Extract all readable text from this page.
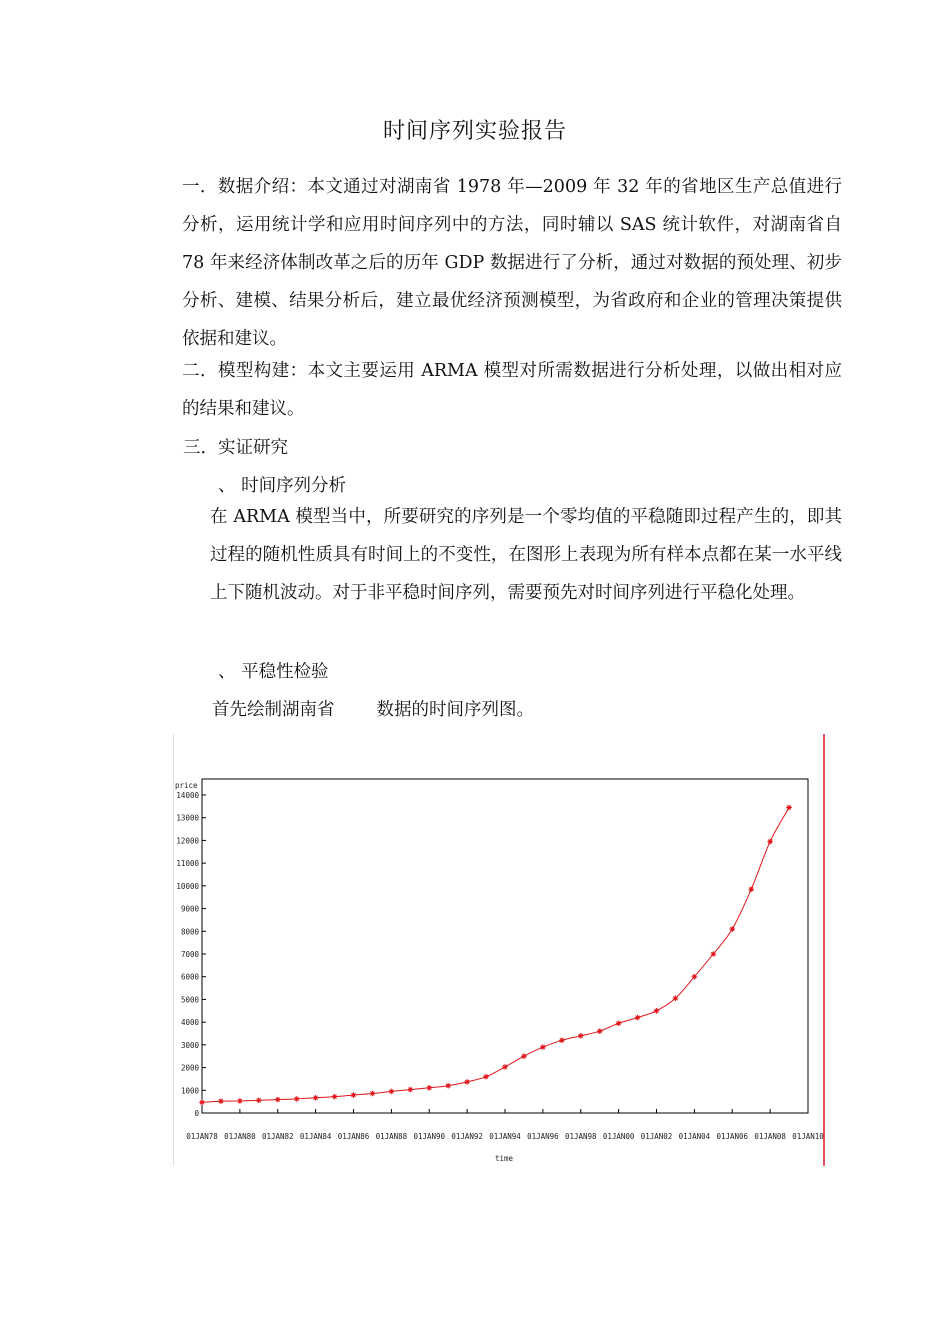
时间序列实验报告
一．数据介绍：本文通过对湖南省 1978 年—2009 年 32 年的省地区生产总值进行分析，运用统计学和应用时间序列中的方法，同时辅以 SAS 统计软件，对湖南省自 78 年来经济体制改革之后的历年 GDP 数据进行了分析，通过对数据的预处理、初步分析、建模、结果分析后，建立最优经济预测模型，为省政府和企业的管理决策提供依据和建议。
二．模型构建：本文主要运用 ARMA 模型对所需数据进行分析处理，以做出相对应的结果和建议。
三．实证研究
、 时间序列分析
在 ARMA 模型当中，所要研究的序列是一个零均值的平稳随即过程产生的，即其过程的随机性质具有时间上的不变性，在图形上表现为所有样本点都在某一水平线上下随机波动。对于非平稳时间序列，需要预先对时间序列进行平稳化处理。
、 平稳性检验
首先绘制湖南省 数据的时间序列图。
price
time
0
1000
2000
3000
4000
5000
6000
7000
8000
9000
10000
11000
12000
13000
14000
01JAN78 01JAN80 01JAN82 01JAN84 01JAN86 01JAN88 01JAN90 01JAN92 01JAN94 01JAN96 01JAN98 01JAN00 01JAN02 01JAN04 01JAN06 01JAN08 01JAN10
